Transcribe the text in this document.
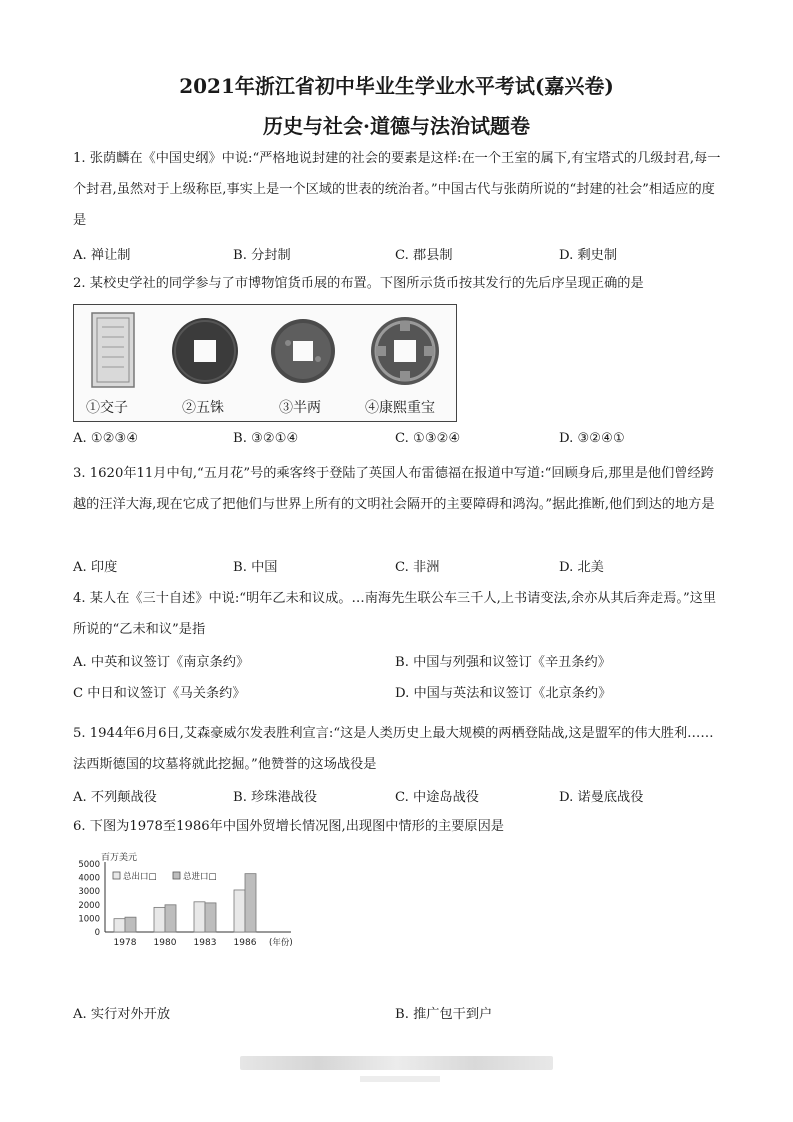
2021年浙江省初中毕业生学业水平考试(嘉兴卷)
历史与社会·道德与法治试题卷
1. 张荫麟在《中国史纲》中说:“严格地说封建的社会的要素是这样:在一个王室的属下,有宝塔式的几级封君,每一个封君,虽然对于上级称臣,事实上是一个区域的世表的统治者。”中国古代与张荫所说的“封建的社会”相适应的度是
A. 禅让制	B. 分封制	C. 郡县制	D. 剩史制
2. 某校史学社的同学参与了市博物馆货币展的布置。下图所示货币按其发行的先后序呈现正确的是
①交子	②五铢	③半两	④康熙重宝
A. ①②③④	B. ③②①④	C. ①③②④	D. ③②④①
3. 1620年11月中旬,“五月花”号的乘客终于登陆了英国人布雷德福在报道中写道:“回顾身后,那里是他们曾经跨越的汪洋大海,现在它成了把他们与世界上所有的文明社会隔开的主要障碍和鸿沟。”据此推断,他们到达的地方是
A. 印度	B. 中国	C. 非洲	D. 北美
4. 某人在《三十自述》中说:“明年乙未和议成。…南海先生联公车三千人,上书请变法,余亦从其后奔走焉。”这里所说的“乙未和议”是指
A. 中英和议签订《南京条约》	B. 中国与列强和议签订《辛丑条约》
C 中日和议签订《马关条约》	D. 中国与英法和议签订《北京条约》
5. 1944年6月6日,艾森豪威尔发表胜利宣言:“这是人类历史上最大规模的两栖登陆战,这是盟军的伟大胜利……法西斯德国的坟墓将就此挖掘。”他赞誉的这场战役是
A. 不列颠战役	B. 珍珠港战役	C. 中途岛战役	D. 诺曼底战役
6. 下图为1978至1986年中国外贸增长情况图,出现图中情形的主要原因是
百万美元
5000
4000
3000
2000
1000
0
总出口□	总进口□
1978 1980 1983 1986 (年份)
A. 实行对外开放	B. 推广包干到户
